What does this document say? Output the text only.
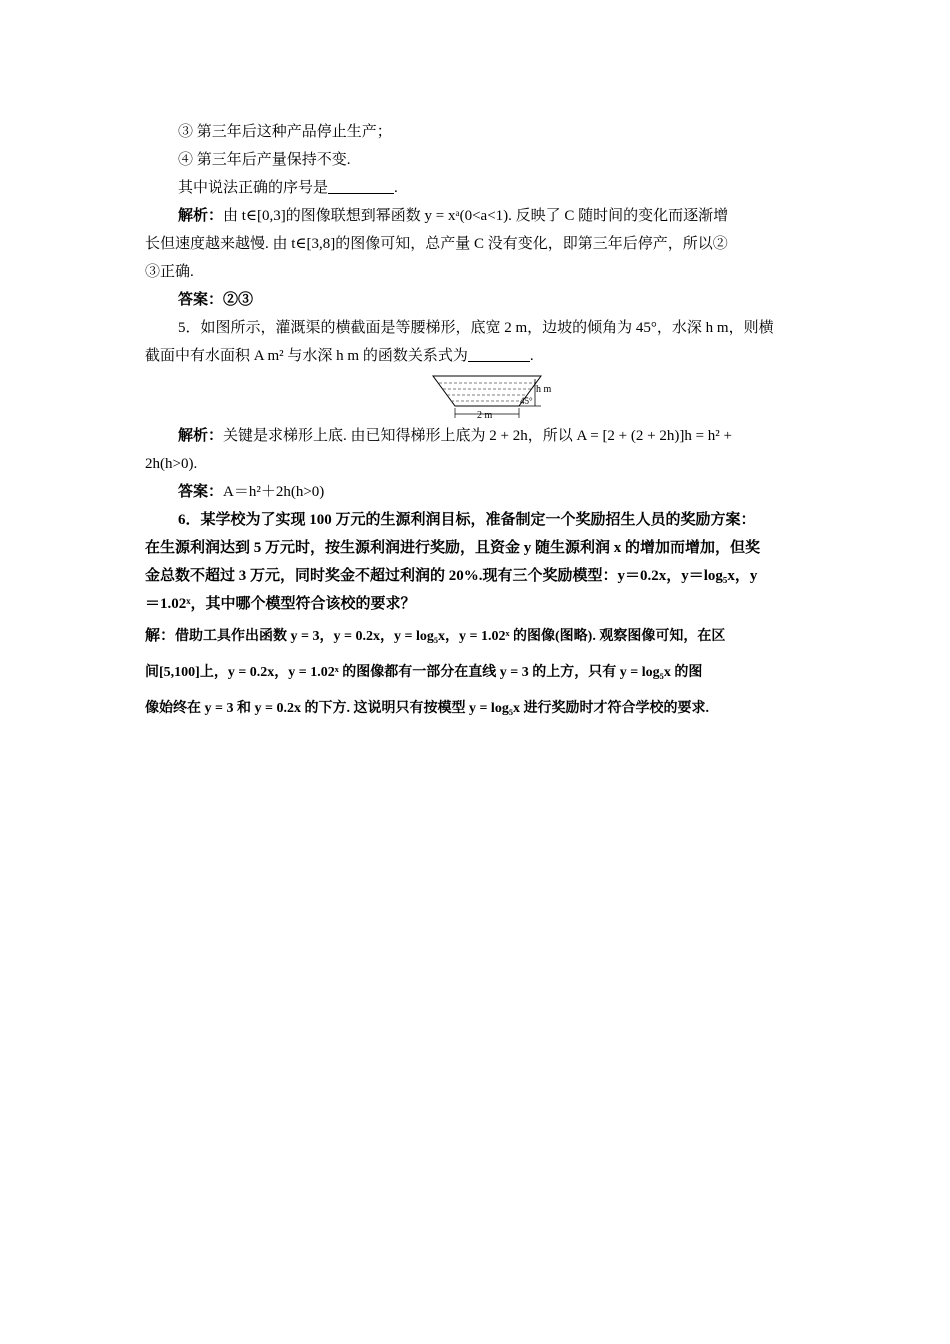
③ 第三年后这种产品停止生产；

④ 第三年后产量保持不变.

其中说法正确的序号是	.

解析：由 t∈[0,3]的图像联想到幂函数 y = xᵃ(0<a<1). 反映了 C 随时间的变化而逐渐增

长但速度越来越慢. 由 t∈[3,8]的图像可知，总产量 C 没有变化，即第三年后停产，所以②

③正确.

答案：②③

5．如图所示，灌溉渠的横截面是等腰梯形，底宽 2 m，边坡的倾角为 45°，水深 h m，则横

截面中有水面积 A m² 与水深 h m 的函数关系式为	.

h m
45°
2 m

解析：关键是求梯形上底. 由已知得梯形上底为 2 + 2h，所以 A = [2 + (2 + 2h)]h = h² +

2h(h>0).

答案：A＝h²＋2h(h>0)

6．某学校为了实现 100 万元的生源利润目标，准备制定一个奖励招生人员的奖励方案：

在生源利润达到 5 万元时，按生源利润进行奖励，且资金 y 随生源利润 x 的增加而增加，但奖

金总数不超过 3 万元，同时奖金不超过利润的 20%.现有三个奖励模型：y＝0.2x，y＝log₅x，y

＝1.02ˣ，其中哪个模型符合该校的要求？

解：借助工具作出函数 y = 3，y = 0.2x，y = log₅x，y = 1.02ˣ 的图像(图略). 观察图像可知，在区

间[5,100]上，y = 0.2x，y = 1.02ˣ 的图像都有一部分在直线 y = 3 的上方，只有 y = log₅x 的图

像始终在 y = 3 和 y = 0.2x 的下方. 这说明只有按模型 y = log₅x 进行奖励时才符合学校的要求.
